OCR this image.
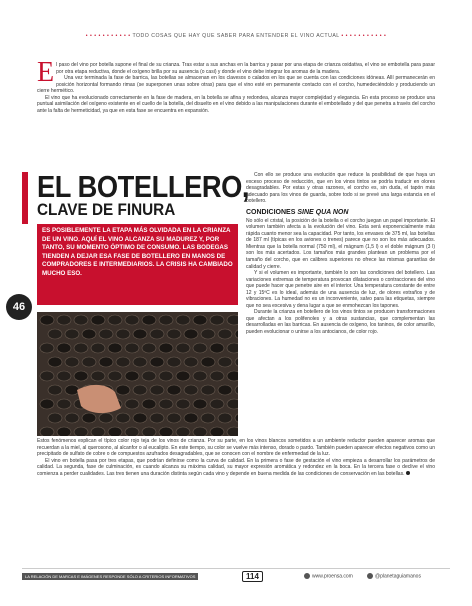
• • • • • • • • • • • TODO COSAS QUE HAY QUE SABER PARA ENTENDER EL VINO ACTUAL • • • • • • • • • • •

El paso del vino por botella supone el final de su crianza. Tras estar a sus anchas en la barrica y pasar por una etapa de crianza oxidativa, el vino se embotella para pasar por otra etapa reductiva, donde el oxígeno brilla por su ausencia (o casi) y donde el vino debe integrar los aromas de la madera.

Una vez terminada la fase de barrica, las botellas se almacenan en los clavesos o calados en los que se cuenta con las condiciones idóneas. Allí permanecerán en posición horizontal formando rimas (se superponen unas sobre otras) para que el vino esté en permanente contacto con el corcho, humedeciéndolo y produciendo un cierre hermético.

El vino que ha evolucionado correctamente en la fase de madera, en la botella se afina y redondea, alcanza mayor complejidad y elegancia. En esta proceso se produce una puntual asimilación del oxígeno existente en el cuello de la botella, del disuelto en el vino debido a las manipulaciones durante el embotellado y del que penetra a través del corcho ante la falta de hermeticidad, ya que en esta fase se encuentra en expansión.

EL BOTELLERO,
CLAVE DE FINURA
ES POSIBLEMENTE LA ETAPA MÁS OLVIDADA EN LA CRIANZA DE UN VINO. AQUÍ EL VINO ALCANZA SU MADUREZ Y, POR TANTO, SU MOMENTO ÓPTIMO DE CONSUMO. LAS BODEGAS TIENDEN A DEJAR ESA FASE DE BOTELLERO EN MANOS DE COMPRADORES E INTERMEDIARIOS. LA CRISIS HA CAMBIADO MUCHO ESO.
46

Con ello se produce una evolución que reduce la posibilidad de que haya un exceso proceso de reducción, que en los vinos tintos se podría traducir en olores desagradables. Por estas y otras razones, el corcho es, sin duda, el tapón más adecuado para los vinos de guarda, sobre todo si se prevé una larga estancia en el botellero.

CONDICIONES SINE QUA NON

No sólo el cristal, la posición de la botella o el corcho juegan un papel importante. El volumen también afecta a la evolución del vino. Esta será exponencialmente más rápida cuanto menor sea la capacidad. Por tanto, los envases de 375 ml, las botellas de 187 ml (típicas en los aviones o trenes) parece que no son los más adecuados. Mientras que la botella normal (750 ml), el mágnum (1,5 l) o el doble mágnum (3 l) son los más acertados. Los tamaños más grandes plantean un problema por el tamaño del corcho, que en calibres superiores no ofrece las mismas garantías de calidad y cierre.

Y si el volumen es importante, también lo son las condiciones del botellero. Las variaciones extremas de temperatura provocan dilataciones o contracciones del vino que puede hacer que penetre aire en el interior. Una temperatura constante de entre 12 y 15ºC es lo ideal, además de una ausencia de luz, de olores extraños y de vibraciones. La humedad no es un inconveniente, salvo para las etiquetas, siempre que no sea excesiva y dena lugar a que se enmohezcan los tapones.

Durante la crianza en botellero de los vinos tintos se producen transformaciones que afectan a los polifenoles y a otras sustancias, que complementan las desarrolladas en las barricas. En ausencia de oxígeno, los taninos, de color amarillo, pueden evolucionar o unirse a los antocianos, de color rojo.

Estos fenómenos explican el típico color rojo teja de los vinos de crianza. Por su parte, en los vinos blancos sometidos a un ambiente reductor pueden aparecer aromas que recuerdan a la miel, al querosono, al alcanfor o al eucalipto. En este tiempo, su color se vuelve más intenso, dorado o pardo. También pueden aparecer efectos negativos como un precipitado de sulfato de cobre o de compuestos azufrados desagradables, que se conocen con el nombre de enfermedad de la luz.

El vino en botella pasa por tres etapas, que podrían definirse como la curva de calidad. En la primera o fase de gestación el vino empieza a desarrollar los parámetros de calidad. La segunda, fase de culminación, es cuando alcanza su máxima calidad, su mayor expresión aromática y redondez en la boca. En la tercera fase o declive el vino comienza a perder cualidades. Las tres tienen una duración distinta según cada vino y depende en buena medida de las condiciones de conservación en las botellas.

LA RELACIÓN DE MARCAS E IMÁGENES RESPONDE SÓLO A CRITERIOS INFORMATIVOS	114	www.proensa.com	@planetaguiamanos
